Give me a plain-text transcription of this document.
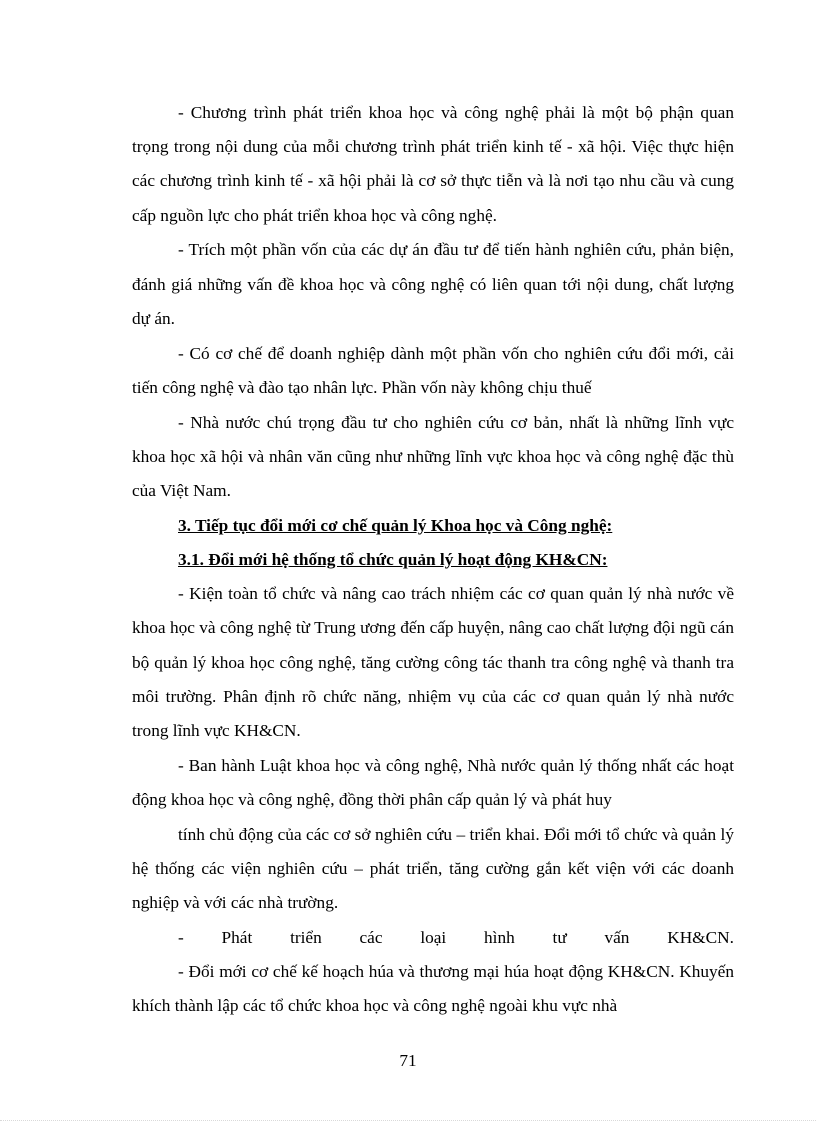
- Chương trình phát triển khoa học và công nghệ phải là một bộ phận quan trọng trong nội dung của mỗi chương trình phát triển kinh tế - xã hội. Việc thực hiện các chương trình kinh tế - xã hội phải là cơ sở thực tiễn và là nơi tạo nhu cầu và cung cấp nguồn lực cho phát triển khoa học và công nghệ.

- Trích một phần vốn của các dự án đầu tư để tiến hành nghiên cứu, phản biện, đánh giá những vấn đề khoa học và công nghệ có liên quan tới nội dung, chất lượng dự án.

- Có cơ chế để doanh nghiệp dành một phần vốn cho nghiên cứu đổi mới, cải tiến công nghệ và đào tạo nhân lực. Phần vốn này không chịu thuế

- Nhà nước chú trọng đầu tư cho nghiên cứu cơ bản, nhất là những lĩnh vực khoa học xã hội và nhân văn cũng như những lĩnh vực khoa học và công nghệ đặc thù của Việt Nam.

3. Tiếp tục đổi mới cơ chế quản lý Khoa học và Công nghệ:

3.1. Đổi mới hệ thống tổ chức quản lý hoạt động KH&CN:

- Kiện toàn tổ chức và nâng cao trách nhiệm các cơ quan quản lý nhà nước về khoa học và công nghệ từ Trung ương đến cấp huyện, nâng cao chất lượng đội ngũ cán bộ quản lý khoa học công nghệ, tăng cường công tác thanh tra công nghệ và thanh tra môi trường. Phân định rõ chức năng, nhiệm vụ của các cơ quan quản lý nhà nước trong lĩnh vực KH&CN.

- Ban hành Luật khoa học và công nghệ, Nhà nước quản lý thống nhất các hoạt động khoa học và công nghệ, đồng thời phân cấp quản lý và phát huy

tính chủ động của các cơ sở nghiên cứu – triển khai. Đổi mới tổ chức và quản lý hệ thống các viện nghiên cứu – phát triển, tăng cường gắn kết viện với các doanh nghiệp và với các nhà trường.

- Phát triển các loại hình tư vấn KH&CN.

- Đổi mới cơ chế kế hoạch húa và thương mại húa hoạt động KH&CN. Khuyến khích thành lập các tổ chức khoa học và công nghệ ngoài khu vực nhà

71
